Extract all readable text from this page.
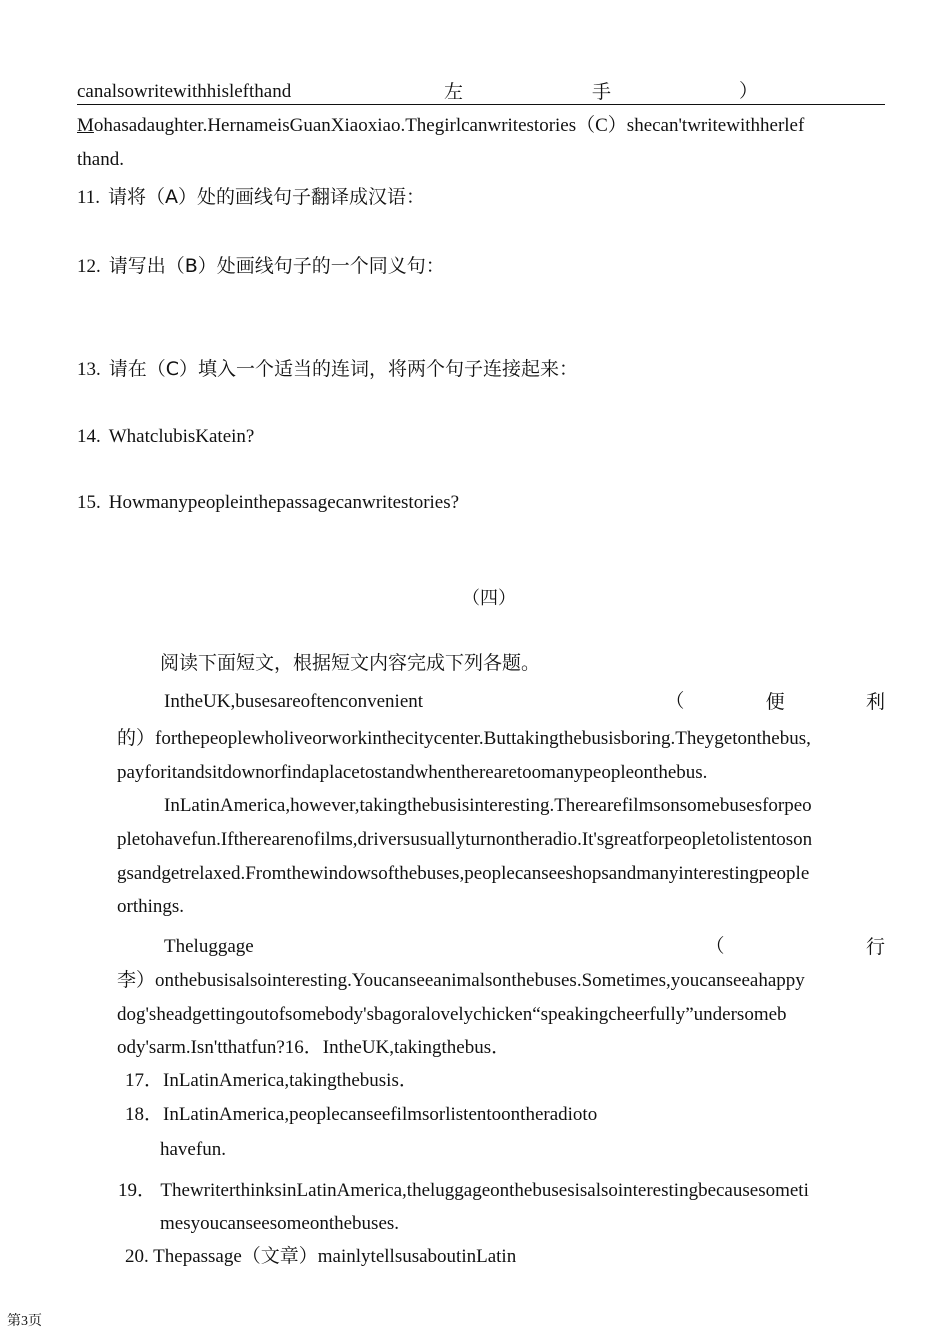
canalsowritewithhislefthand	左	手	）
Mohasadaughter.HernameisGuanXiaoxiao.Thegirlcanwritestories（C）shecan'twritewithherlef
thand.
11. 请将（A）处的画线句子翻译成汉语：
12. 请写出（B）处画线句子的一个同义句：
13. 请在（C）填入一个适当的连词，将两个句子连接起来：
14. WhatclubisKatein?
15. Howmanypeopleinthepassagecanwritestories?
（四）
阅读下面短文，根据短文内容完成下列各题。
IntheUK,busesareoftenconvenient	（	便	利
的）forthepeoplewholiveorworkinthecitycenter.Buttakingthebusisboring.Theygetonthebus,
payforitandsitdownorfindaplacetostandwhentherearetoomanypeopleonthebus.
InLatinAmerica,however,takingthebusisinteresting.Therearefilmsonsomebusesforpeo
pletohavefun.Iftherearenofilms,driversusuallyturnontheradio.It'sgreatforpeopletolistentoson
gsandgetrelaxed.Fromthewindowsofthebuses,peoplecanseeshopsandmanyinterestingpeople
orthings.
Theluggage	（	行
李）onthebusisalsointeresting.Youcanseeanimalsonthebuses.Sometimes,youcanseeahappy
dog'sheadgettingoutofsomebody'sbagoralovelychicken“speakingcheerfully”undersomeb
ody'sarm.Isn'tthatfun?16．IntheUK,takingthebus．
17．InLatinAmerica,takingthebusis．
18．InLatinAmerica,peoplecanseefilmsorlistentoontheradioto
havefun.
19． ThewriterthinksinLatinAmerica,theluggageonthebusesisalsointerestingbecausesometi
mesyoucanseesomeonthebuses.
20. Thepassage（文章）mainlytellsusaboutinLatin
第3页
